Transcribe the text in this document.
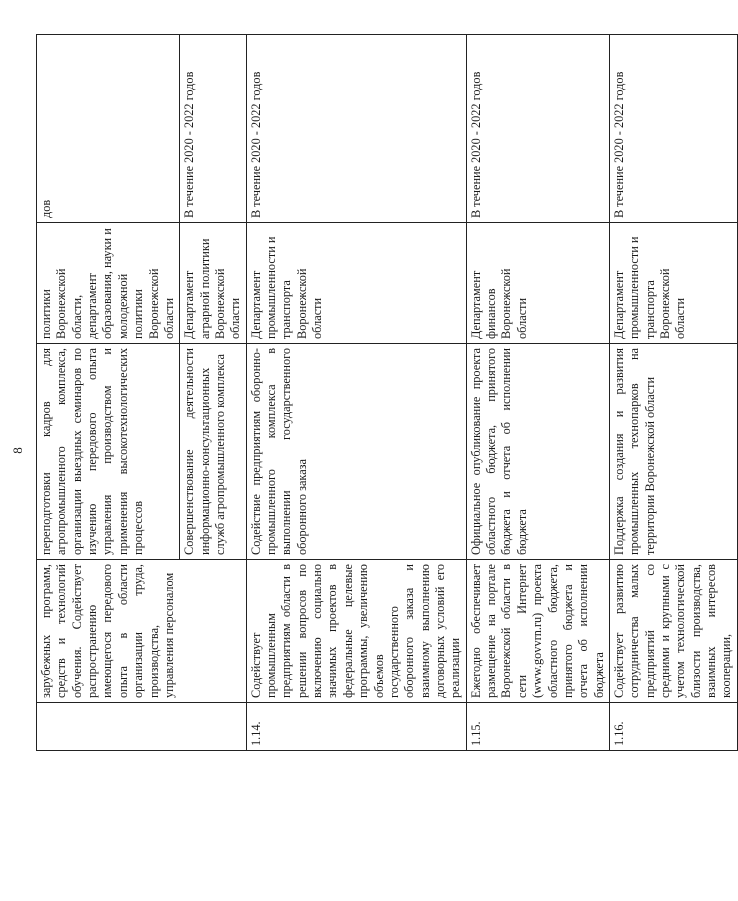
8
	зарубежных программ, средств и технологий обучения. Содействует распространению имеющегося передового опыта в области организации труда, производства, управления персоналом	переподготовки кадров для агропромышленного комплекса, организации выездных семинаров по изучению передового опыта управления производством и применения высокотехнологических процессов	политики Воронежской области, департамент образования, науки и молодежной политики Воронежской области	дов
		Совершенствование деятельности информационно-консультационных служб агропромышленного комплекса	Департамент аграрной политики Воронежской области	В течение 2020 - 2022 годов
1.14.	Содействует промышленным предприятиям области в решении вопросов по включению социально значимых проектов в федеральные целевые программы, увеличению объемов государственного оборонного заказа и взаимному выполнению договорных условий его реализации	Содействие предприятиям оборонно-промышленного комплекса в выполнении государственного оборонного заказа	Департамент промышленности и транспорта Воронежской области	В течение 2020 - 2022 годов
1.15.	Ежегодно обеспечивает размещение на портале Воронежской области в сети Интернет (www.govvrn.ru) проекта областного бюджета, принятого бюджета и отчета об исполнении бюджета	Официальное опубликование проекта областного бюджета, принятого бюджета и отчета об исполнении бюджета	Департамент финансов Воронежской области	В течение 2020 - 2022 годов
1.16.	Содействует развитию сотрудничества малых предприятий со средними и крупными с учетом технологической близости производства, взаимных интересов кооперации,	Поддержка создания и развития промышленных технопарков на территории Воронежской области	Департамент промышленности и транспорта Воронежской области	В течение 2020 - 2022 годов
